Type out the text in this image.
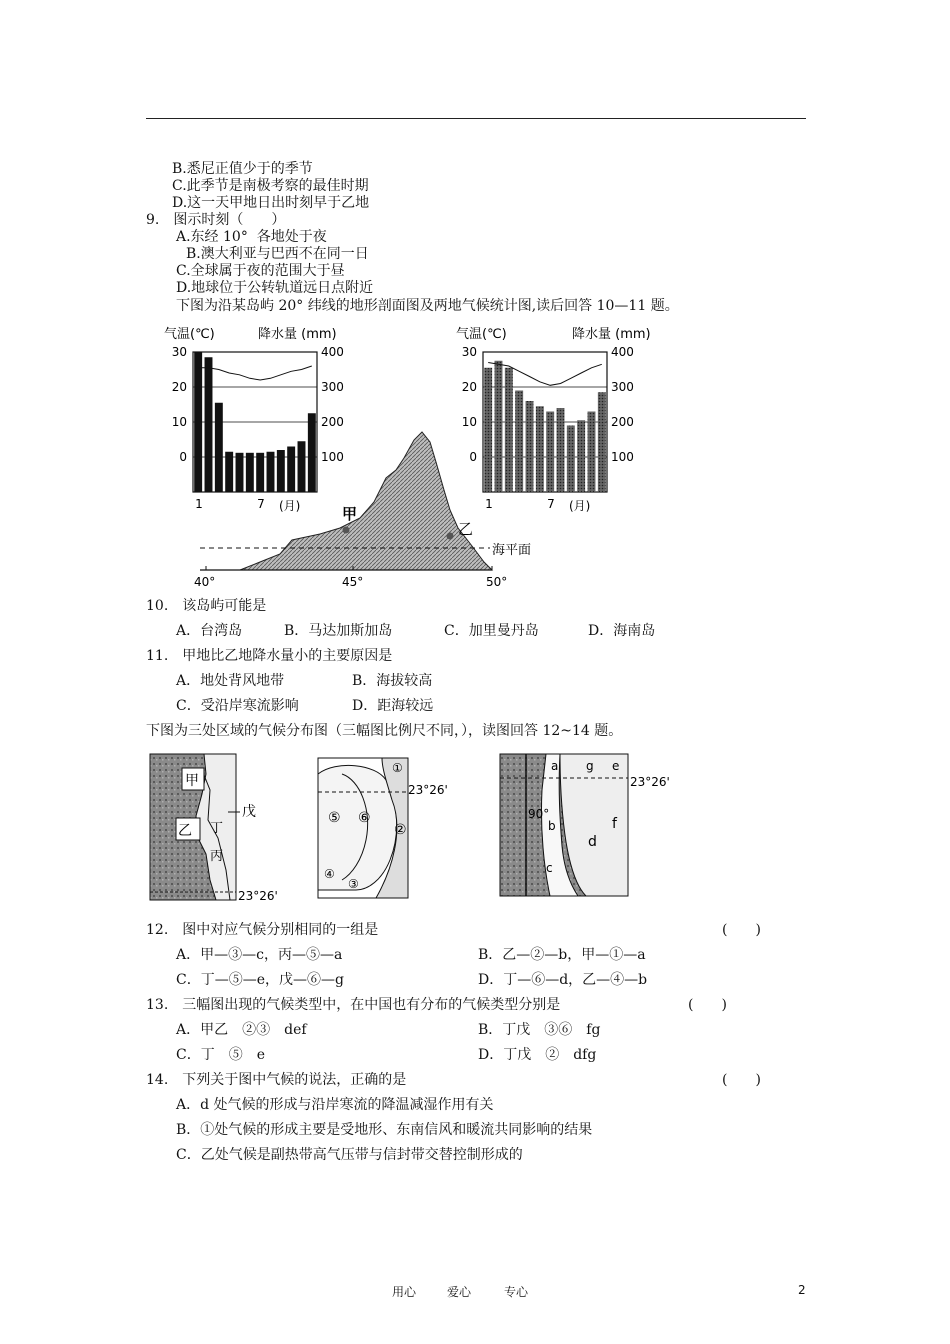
B.悉尼正值少于的季节
C.此季节是南极考察的最佳时期
D.这一天甲地日出时刻早于乙地
9.　图示时刻（　　）
A.东经 10°  各地处于夜
B.澳大利亚与巴西不在同一日
C.全球属于夜的范围大于昼
D.地球位于公转轨道远日点附近
下图为沿某岛屿 20° 纬线的地形剖面图及两地气候统计图,读后回答 10—11 题。
气温(℃)	降水量 (mm)
0
10
20
30
100
200
300
400
1	7 (月)
气温(℃)	降水量 (mm)
0
10
20
30
100
200
300
400
1	7 (月)
甲
乙
海平面
40°	45°	50°
10.　该岛屿可能是
A．台湾岛	B．马达加斯加岛	C．加里曼丹岛	D．海南岛
11.　甲地比乙地降水量小的主要原因是
A．地处背风地带	B．海拔较高
C．受沿岸寒流影响	D．距海较远
下图为三处区域的气候分布图（三幅图比例尺不同，），读图回答 12~14 题。
甲
乙
丙
丁
戊
23°26'
①
②
③
④
⑤ ⑥
23°26'
a
b
c
d
e
f
g
90°
23°26'
12.　图中对应气候分别相同的一组是	(　　)
A．甲—③—c，丙—⑤—a	B．乙—②—b，甲—①—a
C．丁—⑤—e，戊—⑥—g	D．丁—⑥—d，乙—④—b
13.　三幅图出现的气候类型中，在中国也有分布的气候类型分别是	(　　)
A．甲乙　②③　def	B．丁戊　③⑥　fg
C．丁　⑤　e	D．丁戊　②　dfg
14.　下列关于图中气候的说法，正确的是	(　　)
A．d 处气候的形成与沿岸寒流的降温减湿作用有关
B．①处气候的形成主要是受地形、东南信风和暖流共同影响的结果
C．乙处气候是副热带高气压带与信封带交替控制形成的
用心	爱心	专心	2
